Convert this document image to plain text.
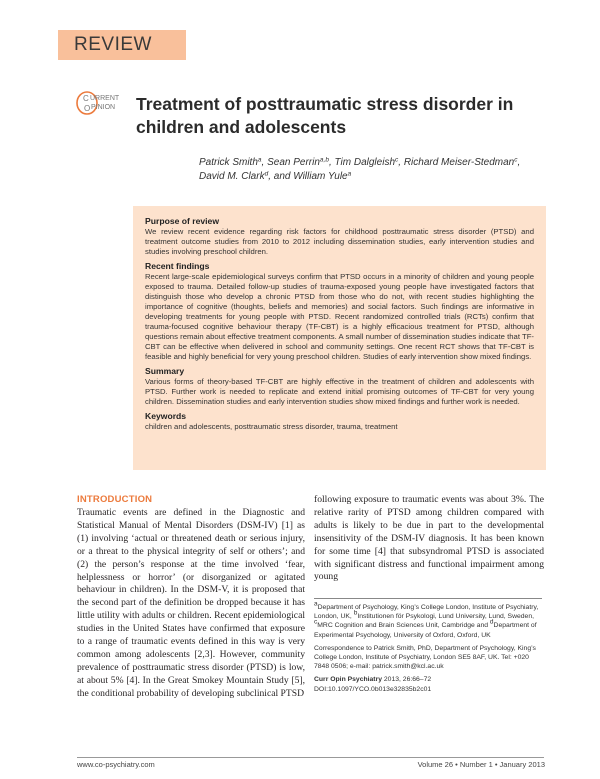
REVIEW
C
O
URRENT
PINION Treatment of posttraumatic stress disorder in children and adolescents
Patrick Smith$^a$, Sean Perrin$^{a,b}$, Tim Dalgleish$^c$, Richard Meiser-Stedman$^c$,
David M. Clark$^d$, and William Yule$^a$
Purpose of review

We review recent evidence regarding risk factors for childhood posttraumatic stress disorder (PTSD) and treatment outcome studies from 2010 to 2012 including dissemination studies, early intervention studies and studies involving preschool children.

Recent findings

Recent large-scale epidemiological surveys confirm that PTSD occurs in a minority of children and young people exposed to trauma. Detailed follow-up studies of trauma-exposed young people have investigated factors that distinguish those who develop a chronic PTSD from those who do not, with recent studies highlighting the importance of cognitive (thoughts, beliefs and memories) and social factors. Such findings are informative in developing treatments for young people with PTSD. Recent randomized controlled trials (RCTs) confirm that trauma-focused cognitive behaviour therapy (TF-CBT) is a highly efficacious treatment for PTSD, although questions remain about effective treatment components. A small number of dissemination studies indicate that TF-CBT can be effective when delivered in school and community settings. One recent RCT shows that TF-CBT is feasible and highly beneficial for very young preschool children. Studies of early intervention show mixed findings.

Summary

Various forms of theory-based TF-CBT are highly effective in the treatment of children and adolescents with PTSD. Further work is needed to replicate and extend initial promising outcomes of TF-CBT for very young children. Dissemination studies and early intervention studies show mixed findings and further work is needed.

Keywords

children and adolescents, posttraumatic stress disorder, trauma, treatment

INTRODUCTION

Traumatic events are defined in the Diagnostic and Statistical Manual of Mental Disorders (DSM-IV) [1] as (1) involving ‘actual or threatened death or serious injury, or a threat to the physical integrity of self or others’; and (2) the person’s response at the time involved ‘fear, helplessness or horror’ (or disorganized or agitated behaviour in children). In the DSM-V, it is proposed that the second part of the definition be dropped because it has little utility with adults or children. Recent epidemiological studies in the United States have confirmed that exposure to a range of traumatic events defined in this way is very common among adolescents [2,3]. However, community prevalence of posttraumatic stress disorder (PTSD) is low, at about 5% [4]. In the Great Smokey Mountain Study [5], the conditional probability of developing subclinical PTSD

following exposure to traumatic events was about 3%. The relative rarity of PTSD among children compared with adults is likely to be due in part to the developmental insensitivity of the DSM-IV diagnosis. It has been known for some time [4] that subsyndromal PTSD is associated with significant distress and functional impairment among young

$^a$Department of Psychology, King’s College London, Institute of Psychiatry, London, UK, $^b$Institutionen för Psykologi, Lund University, Lund, Sweden, $^c$MRC Cognition and Brain Sciences Unit, Cambridge and $^d$Department of Experimental Psychology, University of Oxford, Oxford, UK

Correspondence to Patrick Smith, PhD, Department of Psychology, King’s College London, Institute of Psychiatry, London SE5 8AF, UK. Tel: +020 7848 0506; e-mail: patrick.smith@kcl.ac.uk

Curr Opin Psychiatry 2013, 26:66–72
DOI:10.1097/YCO.0b013e32835b2c01

www.co-psychiatry.com	Volume 26 • Number 1 • January 2013
